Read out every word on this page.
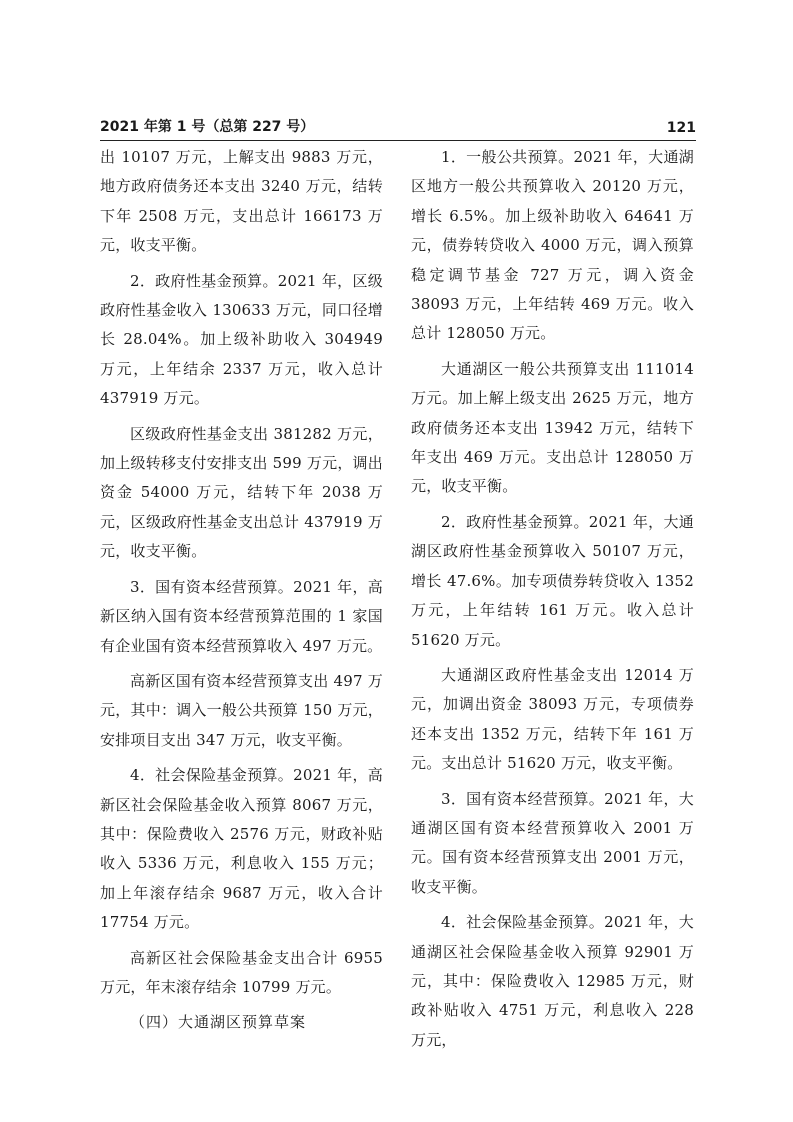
2021 年第 1 号（总第 227 号）	121

出 10107 万元，上解支出 9883 万元，地方政府债务还本支出 3240 万元，结转下年 2508 万元，支出总计 166173 万元，收支平衡。

2．政府性基金预算。2021 年，区级政府性基金收入 130633 万元，同口径增长 28.04%。加上级补助收入 304949 万元，上年结余 2337 万元，收入总计 437919 万元。

区级政府性基金支出 381282 万元，加上级转移支付安排支出 599 万元，调出资金 54000 万元，结转下年 2038 万元，区级政府性基金支出总计 437919 万元，收支平衡。

3．国有资本经营预算。2021 年，高新区纳入国有资本经营预算范围的 1 家国有企业国有资本经营预算收入 497 万元。

高新区国有资本经营预算支出 497 万元，其中：调入一般公共预算 150 万元，安排项目支出 347 万元，收支平衡。

4．社会保险基金预算。2021 年，高新区社会保险基金收入预算 8067 万元，其中：保险费收入 2576 万元，财政补贴收入 5336 万元，利息收入 155 万元；加上年滚存结余 9687 万元，收入合计 17754 万元。

高新区社会保险基金支出合计 6955 万元，年末滚存结余 10799 万元。

（四）大通湖区预算草案

1．一般公共预算。2021 年，大通湖区地方一般公共预算收入 20120 万元，增长 6.5%。加上级补助收入 64641 万元，债券转贷收入 4000 万元，调入预算稳定调节基金 727 万元，调入资金 38093 万元，上年结转 469 万元。收入总计 128050 万元。

大通湖区一般公共预算支出 111014 万元。加上解上级支出 2625 万元，地方政府债务还本支出 13942 万元，结转下年支出 469 万元。支出总计 128050 万元，收支平衡。

2．政府性基金预算。2021 年，大通湖区政府性基金预算收入 50107 万元，增长 47.6%。加专项债券转贷收入 1352 万元，上年结转 161 万元。收入总计 51620 万元。

大通湖区政府性基金支出 12014 万元，加调出资金 38093 万元，专项债券还本支出 1352 万元，结转下年 161 万元。支出总计 51620 万元，收支平衡。

3．国有资本经营预算。2021 年，大通湖区国有资本经营预算收入 2001 万元。国有资本经营预算支出 2001 万元，收支平衡。

4．社会保险基金预算。2021 年，大通湖区社会保险基金收入预算 92901 万元，其中：保险费收入 12985 万元，财政补贴收入 4751 万元，利息收入 228 万元，
